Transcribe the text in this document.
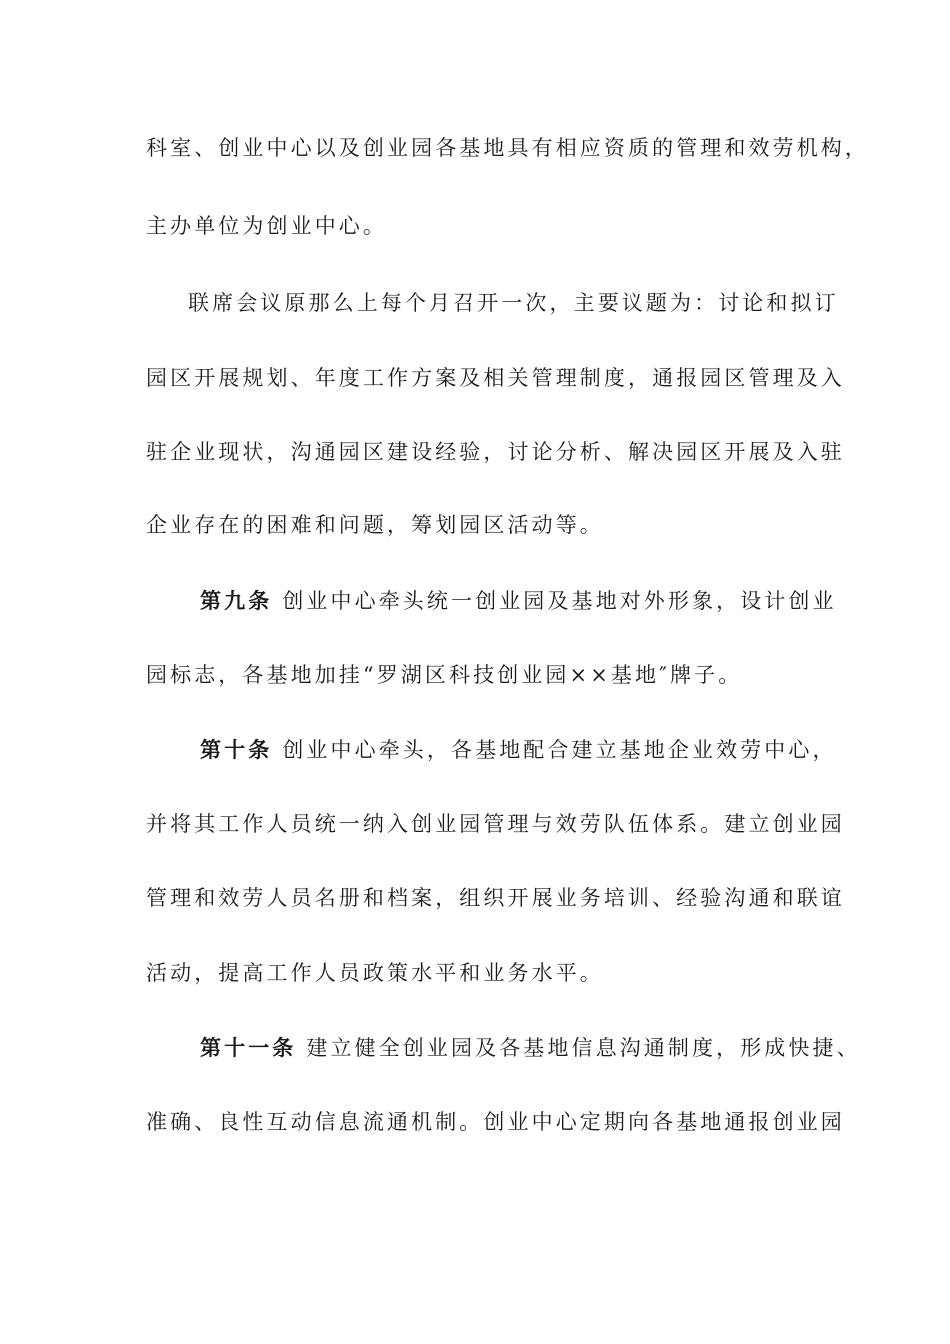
科室、创业中心以及创业园各基地具有相应资质的管理和效劳机构，
主办单位为创业中心。
联席会议原那么上每个月召开一次，主要议题为：讨论和拟订
园区开展规划、年度工作方案及相关管理制度，通报园区管理及入
驻企业现状，沟通园区建设经验，讨论分析、解决园区开展及入驻
企业存在的困难和问题，筹划园区活动等。
第九条 创业中心牵头统一创业园及基地对外形象，设计创业
园标志，各基地加挂“罗湖区科技创业园××基地″牌子。
第十条 创业中心牵头，各基地配合建立基地企业效劳中心，
并将其工作人员统一纳入创业园管理与效劳队伍体系。建立创业园
管理和效劳人员名册和档案，组织开展业务培训、经验沟通和联谊
活动，提高工作人员政策水平和业务水平。
第十一条 建立健全创业园及各基地信息沟通制度，形成快捷、
准确、良性互动信息流通机制。创业中心定期向各基地通报创业园
